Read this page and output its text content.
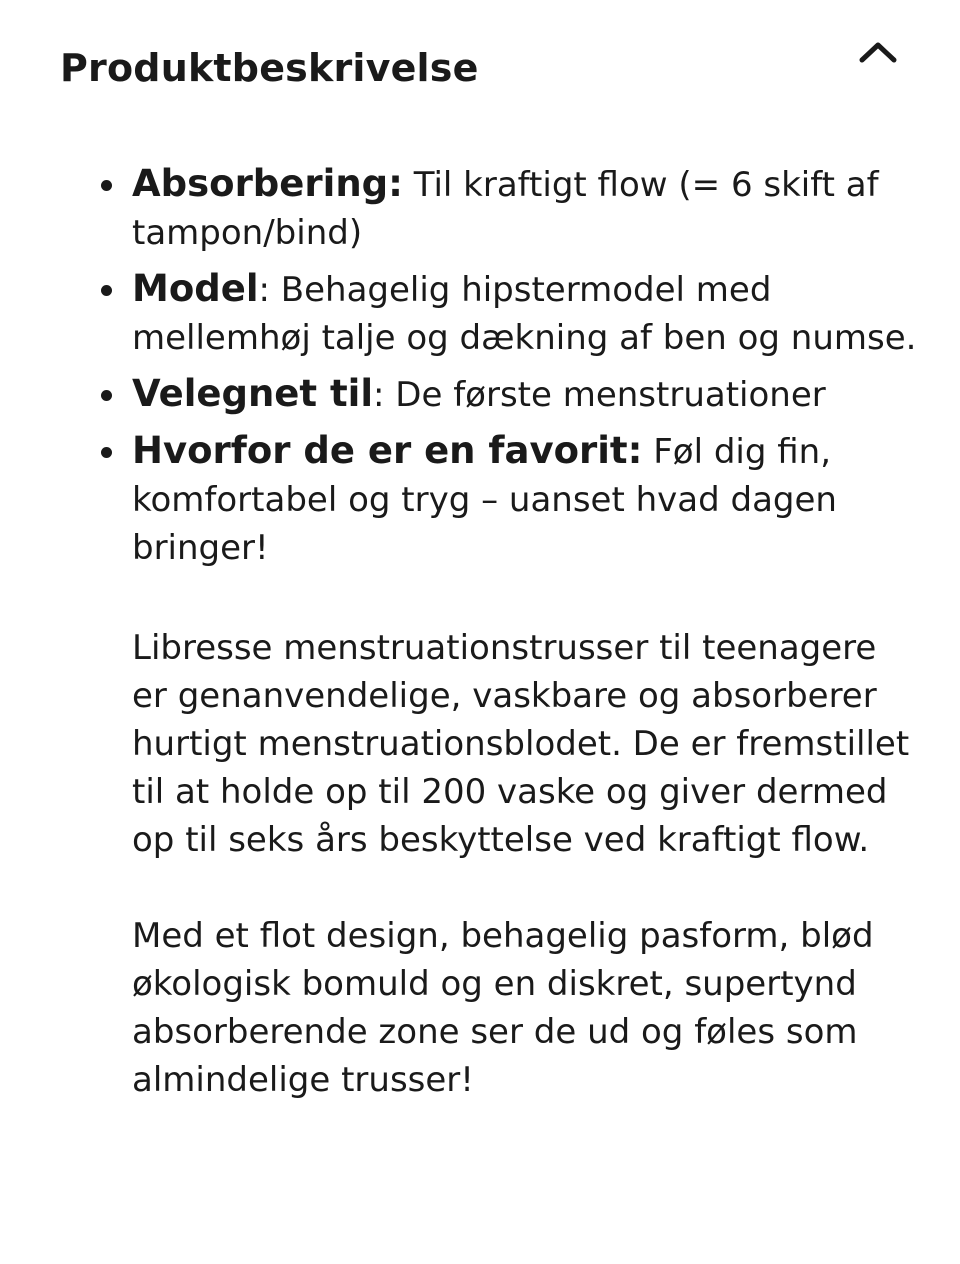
Produktbeskrivelse
Absorbering: Til kraftigt flow (= 6 skift af tampon/bind)
Model: Behagelig hipstermodel med mellemhøj talje og dækning af ben og numse.
Velegnet til: De første menstruationer
Hvorfor de er en favorit: Føl dig fin, komfortabel og tryg – uanset hvad dagen bringer!

Libresse menstruationstrusser til teenagere er genanvendelige, vaskbare og absorberer hurtigt menstruationsblodet. De er fremstillet til at holde op til 200 vaske og giver dermed op til seks års beskyttelse ved kraftigt flow.

Med et flot design, behagelig pasform, blød økologisk bomuld og en diskret, supertynd absorberende zone ser de ud og føles som almindelige trusser!
